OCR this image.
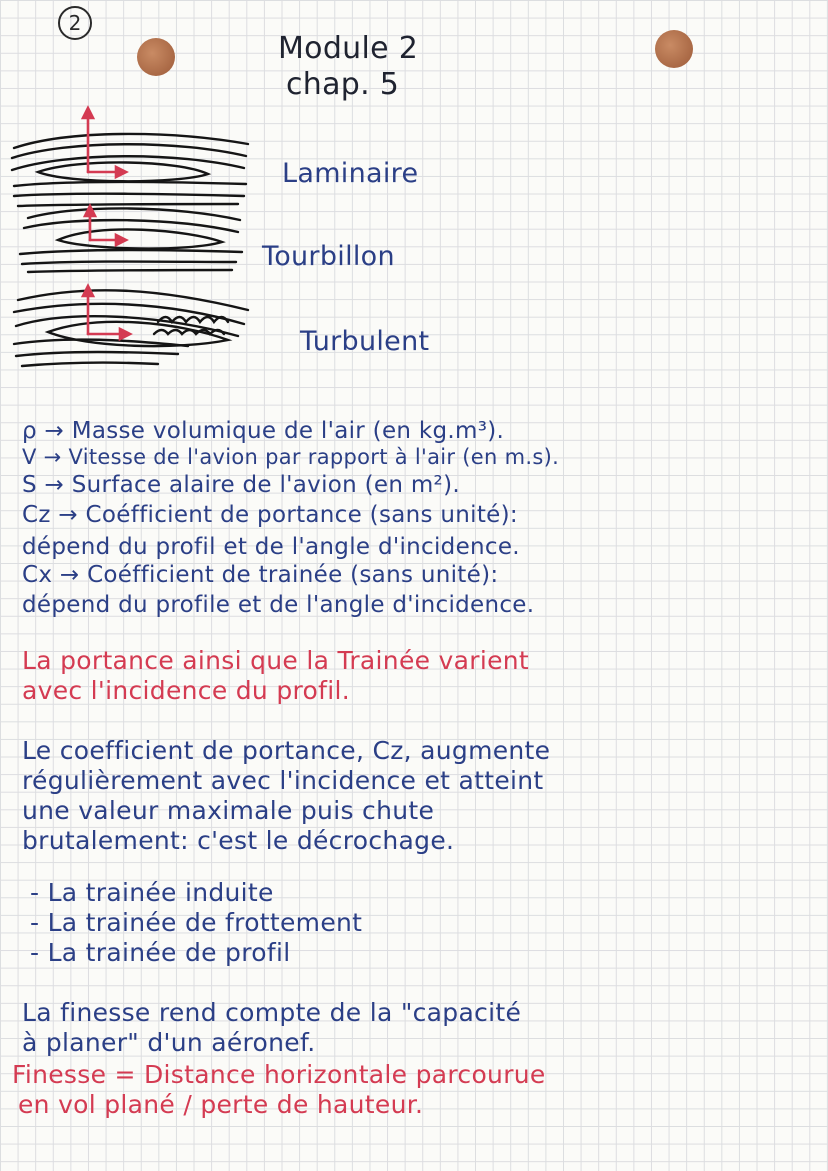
2
Module 2
chap. 5
Laminaire
Tourbillon
Turbulent
ρ → Masse volumique de l'air (en kg.m³).
V → Vitesse de l'avion par rapport à l'air (en m.s).
S → Surface alaire de l'avion (en m²).
Cz → Coéfficient de portance (sans unité):
dépend du profil et de l'angle d'incidence.
Cx → Coéfficient de trainée (sans unité):
dépend du profile et de l'angle d'incidence.
La portance ainsi que la Trainée varient
avec l'incidence du profil.
Le coefficient de portance, Cz, augmente
régulièrement avec l'incidence et atteint
une valeur maximale puis chute
brutalement: c'est le décrochage.
- La trainée induite
- La trainée de frottement
- La trainée de profil
La finesse rend compte de la "capacité
à planer" d'un aéronef.
Finesse = Distance horizontale parcourue
en vol plané / perte de hauteur.
